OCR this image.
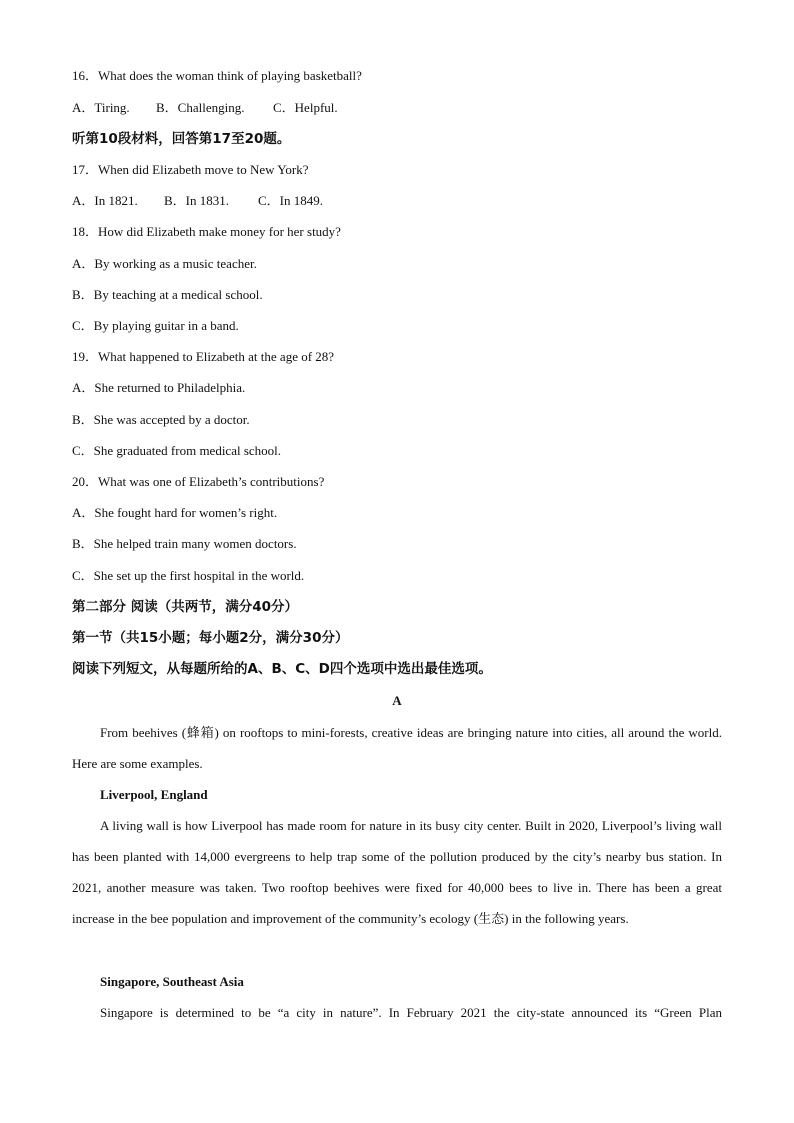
16．What does the woman think of playing basketball?
A．Tiring. B．Challenging. C．Helpful.
听第10段材料，回答第17至20题。
17．When did Elizabeth move to New York?
A．In 1821. B．In 1831. C．In 1849.
18．How did Elizabeth make money for her study?
A．By working as a music teacher.
B．By teaching at a medical school.
C．By playing guitar in a band.
19．What happened to Elizabeth at the age of 28?
A．She returned to Philadelphia.
B．She was accepted by a doctor.
C．She graduated from medical school.
20．What was one of Elizabeth’s contributions?
A．She fought hard for women’s right.
B．She helped train many women doctors.
C．She set up the first hospital in the world.
第二部分 阅读（共两节，满分40分）
第一节（共15小题；每小题2分，满分30分）
阅读下列短文，从每题所给的A、B、C、D四个选项中选出最佳选项。
A
From beehives (蜂箱) on rooftops to mini-forests, creative ideas are bringing nature into cities, all around the world. Here are some examples.
Liverpool, England
A living wall is how Liverpool has made room for nature in its busy city center. Built in 2020, Liverpool’s living wall has been planted with 14,000 evergreens to help trap some of the pollution produced by the city’s nearby bus station. In 2021, another measure was taken. Two rooftop beehives were fixed for 40,000 bees to live in. There has been a great increase in the bee population and improvement of the community’s ecology (生态) in the following years.
Singapore, Southeast Asia
Singapore is determined to be “a city in nature”. In February 2021 the city-state announced its “Green Plan
